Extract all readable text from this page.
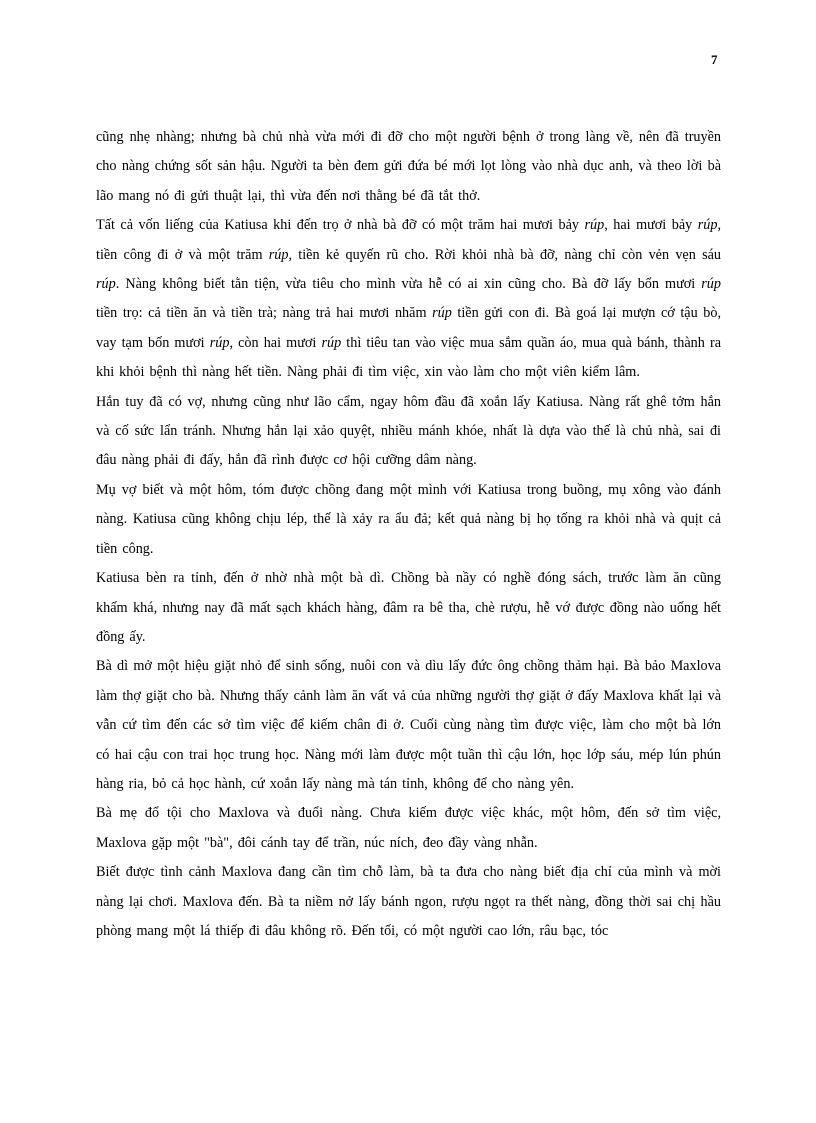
7

cũng nhẹ nhàng; nhưng bà chủ nhà vừa mới đi đỡ cho một người bệnh ở trong làng về, nên đã truyền cho nàng chứng sốt sản hậu. Người ta bèn đem gửi đứa bé mới lọt lòng vào nhà dục anh, và theo lời bà lão mang nó đi gửi thuật lại, thì vừa đến nơi thằng bé đã tắt thở.

Tất cả vốn liếng của Katiusa khi đến trọ ở nhà bà đỡ có một trăm hai mươi bảy rúp, hai mươi bảy rúp, tiền công đi ở và một trăm rúp, tiền kẻ quyến rũ cho. Rời khỏi nhà bà đỡ, nàng chỉ còn vẻn vẹn sáu rúp. Nàng không biết tằn tiện, vừa tiêu cho mình vừa hễ có ai xin cũng cho. Bà đỡ lấy bốn mươi rúp tiền trọ: cả tiền ăn và tiền trà; nàng trả hai mươi nhăm rúp tiền gửi con đi. Bà goá lại mượn cớ tậu bò, vay tạm bốn mươi rúp, còn hai mươi rúp thì tiêu tan vào việc mua sắm quần áo, mua quà bánh, thành ra khi khỏi bệnh thì nàng hết tiền. Nàng phải đi tìm việc, xin vào làm cho một viên kiểm lâm.

Hắn tuy đã có vợ, nhưng cũng như lão cẩm, ngay hôm đầu đã xoắn lấy Katiusa. Nàng rất ghê tởm hắn và cố sức lẩn tránh. Nhưng hắn lại xảo quyệt, nhiều mánh khóe, nhất là dựa vào thế là chủ nhà, sai đi đâu nàng phải đi đấy, hắn đã rình được cơ hội cưỡng dâm nàng.

Mụ vợ biết và một hôm, tóm được chồng đang một mình với Katiusa trong buồng, mụ xông vào đánh nàng. Katiusa cũng không chịu lép, thế là xảy ra ẩu đả; kết quả nàng bị họ tống ra khỏi nhà và quịt cả tiền công.

Katiusa bèn ra tỉnh, đến ở nhờ nhà một bà dì. Chồng bà nầy có nghề đóng sách, trước làm ăn cũng khấm khá, nhưng nay đã mất sạch khách hàng, đâm ra bê tha, chè rượu, hễ vớ được đồng nào uống hết đồng ấy.

Bà dì mở một hiệu giặt nhỏ để sinh sống, nuôi con và dìu lấy đức ông chồng thảm hại. Bà bảo Maxlova làm thợ giặt cho bà. Nhưng thấy cảnh làm ăn vất vả của những người thợ giặt ở đấy Maxlova khất lại và vẫn cứ tìm đến các sở tìm việc để kiếm chân đi ở. Cuối cùng nàng tìm được việc, làm cho một bà lớn có hai cậu con trai học trung học. Nàng mới làm được một tuần thì cậu lớn, học lớp sáu, mép lún phún hàng ria, bỏ cả học hành, cứ xoắn lấy nàng mà tán tỉnh, không để cho nàng yên.

Bà mẹ đổ tội cho Maxlova và đuổi nàng. Chưa kiếm được việc khác, một hôm, đến sở tìm việc, Maxlova gặp một "bà", đôi cánh tay để trần, núc ních, đeo đầy vàng nhẫn.

Biết được tình cảnh Maxlova đang cần tìm chỗ làm, bà ta đưa cho nàng biết địa chỉ của mình và mời nàng lại chơi. Maxlova đến. Bà ta niềm nở lấy bánh ngon, rượu ngọt ra thết nàng, đồng thời sai chị hầu phòng mang một lá thiếp đi đâu không rõ. Đến tối, có một người cao lớn, râu bạc, tóc
